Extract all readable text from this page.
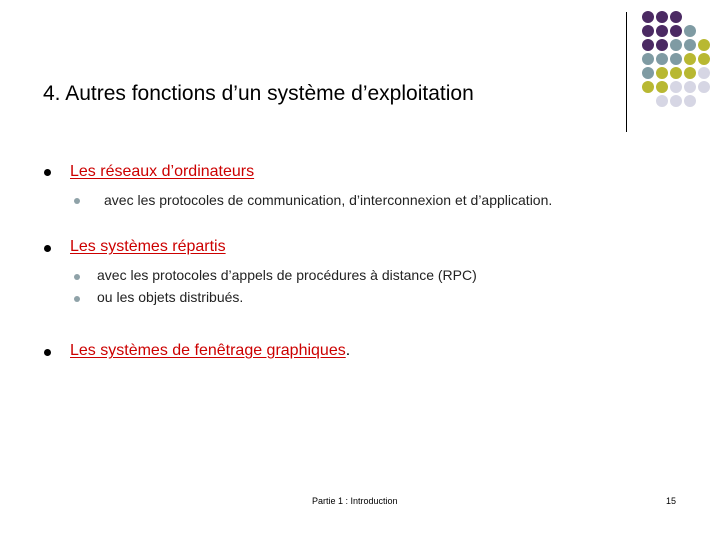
4. Autres fonctions d’un système d’exploitation
Les réseaux d’ordinateurs
avec les protocoles de communication, d’interconnexion et d’application.
Les systèmes répartis
avec les protocoles d’appels de procédures à distance (RPC)
ou les objets distribués.
Les systèmes de fenêtrage graphiques.
Partie 1 : Introduction	15
